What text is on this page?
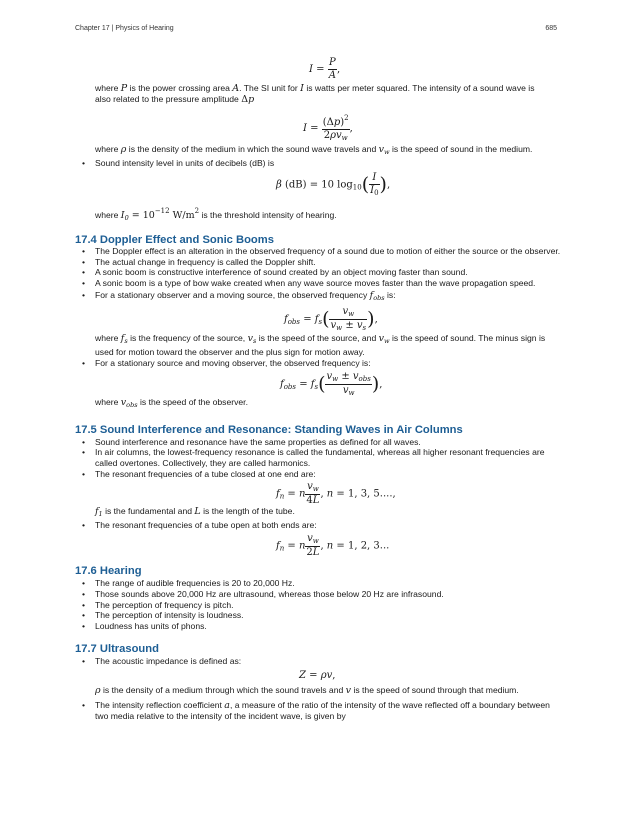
Chapter 17 | Physics of Hearing	685
$I = \frac{P}{A}$ ,
where P is the power crossing area A. The SI unit for I is watts per meter squared. The intensity of a sound wave is
also related to the pressure amplitude Δp
$I = \frac{(\Delta p)^2}{2\rho v_w}$ ,
where ρ is the density of the medium in which the sound wave travels and $v_w$ is the speed of sound in the medium.
Sound intensity level in units of decibels (dB) is
β (dB) = 10 $\log_{10}( \frac{I}{I_0}$ ),
where $I_0 = 10^{-12}$ $W/m^2$ is the threshold intensity of hearing.
17.4 Doppler Effect and Sonic Booms
The Doppler effect is an alteration in the observed frequency of a sound due to motion of either the source or the observer.
The actual change in frequency is called the Doppler shift.
A sonic boom is constructive interference of sound created by an object moving faster than sound.
A sonic boom is a type of bow wake created when any wave source moves faster than the wave propagation speed.
For a stationary observer and a moving source, the observed frequency $f_{obs}$ is:
$f_{obs} = f_s( \frac{v_w}{v_w \pm v_s}$ ),
where $f_s$ is the frequency of the source, $v_s$ is the speed of the source, and $v_w$ is the speed of sound. The minus sign is
used for motion toward the observer and the plus sign for motion away.
For a stationary source and moving observer, the observed frequency is:
$f_{obs} = f_s( \frac{v_w \pm v_{obs}}{v_w}$ ),
where $v_{obs}$ is the speed of the observer.
17.5 Sound Interference and Resonance: Standing Waves in Air Columns
Sound interference and resonance have the same properties as defined for all waves.
In air columns, the lowest-frequency resonance is called the fundamental, whereas all higher resonant frequencies are
called overtones. Collectively, they are called harmonics.
The resonant frequencies of a tube closed at one end are:
$f_n = n \frac{v_w}{4L}$ , n = 1, 3, 5....,
$f_1$ is the fundamental and L is the length of the tube.
The resonant frequencies of a tube open at both ends are:
$f_n = n \frac{v_w}{2L}$ , n = 1, 2, 3...
17.6 Hearing
The range of audible frequencies is 20 to 20,000 Hz.
Those sounds above 20,000 Hz are ultrasound, whereas those below 20 Hz are infrasound.
The perception of frequency is pitch.
The perception of intensity is loudness.
Loudness has units of phons.
17.7 Ultrasound
The acoustic impedance is defined as:
Z = ρv,
ρ is the density of a medium through which the sound travels and v is the speed of sound through that medium.
The intensity reflection coefficient a, a measure of the ratio of the intensity of the wave reflected off a boundary between
two media relative to the intensity of the incident wave, is given by
